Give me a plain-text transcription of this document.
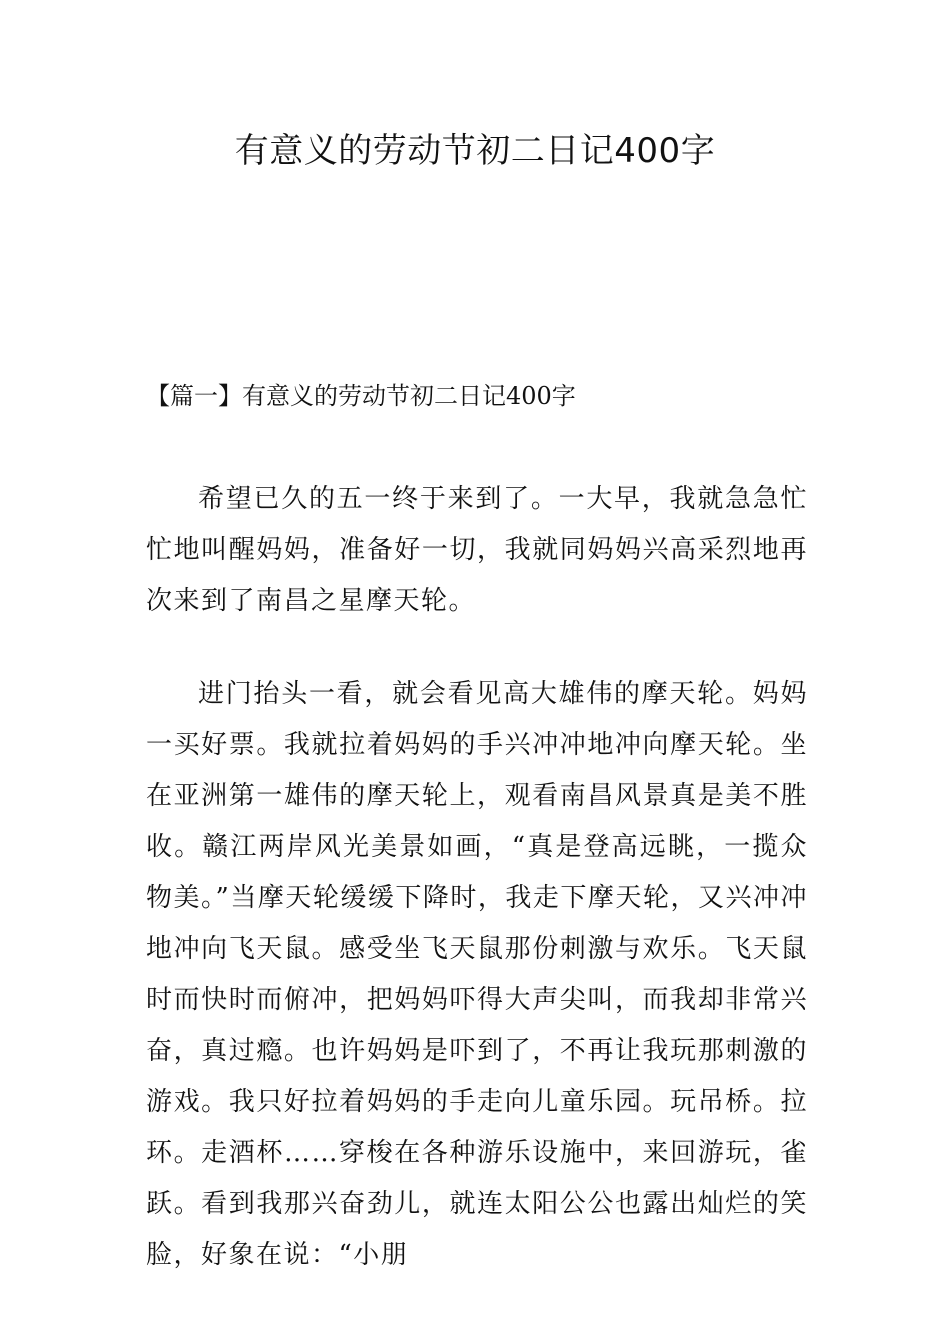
有意义的劳动节初二日记400字
【篇一】有意义的劳动节初二日记400字

希望已久的五一终于来到了。一大早，我就急急忙忙地叫醒妈妈，准备好一切，我就同妈妈兴高采烈地再次来到了南昌之星摩天轮。

进门抬头一看，就会看见高大雄伟的摩天轮。妈妈一买好票。我就拉着妈妈的手兴冲冲地冲向摩天轮。坐在亚洲第一雄伟的摩天轮上，观看南昌风景真是美不胜收。赣江两岸风光美景如画，“真是登高远眺，一揽众物美。”当摩天轮缓缓下降时，我走下摩天轮，又兴冲冲地冲向飞天鼠。感受坐飞天鼠那份刺激与欢乐。飞天鼠时而快时而俯冲，把妈妈吓得大声尖叫，而我却非常兴奋，真过瘾。也许妈妈是吓到了，不再让我玩那刺激的游戏。我只好拉着妈妈的手走向儿童乐园。玩吊桥。拉环。走酒杯……穿梭在各种游乐设施中，来回游玩，雀跃。看到我那兴奋劲儿，就连太阳公公也露出灿烂的笑脸，好象在说：“小朋
